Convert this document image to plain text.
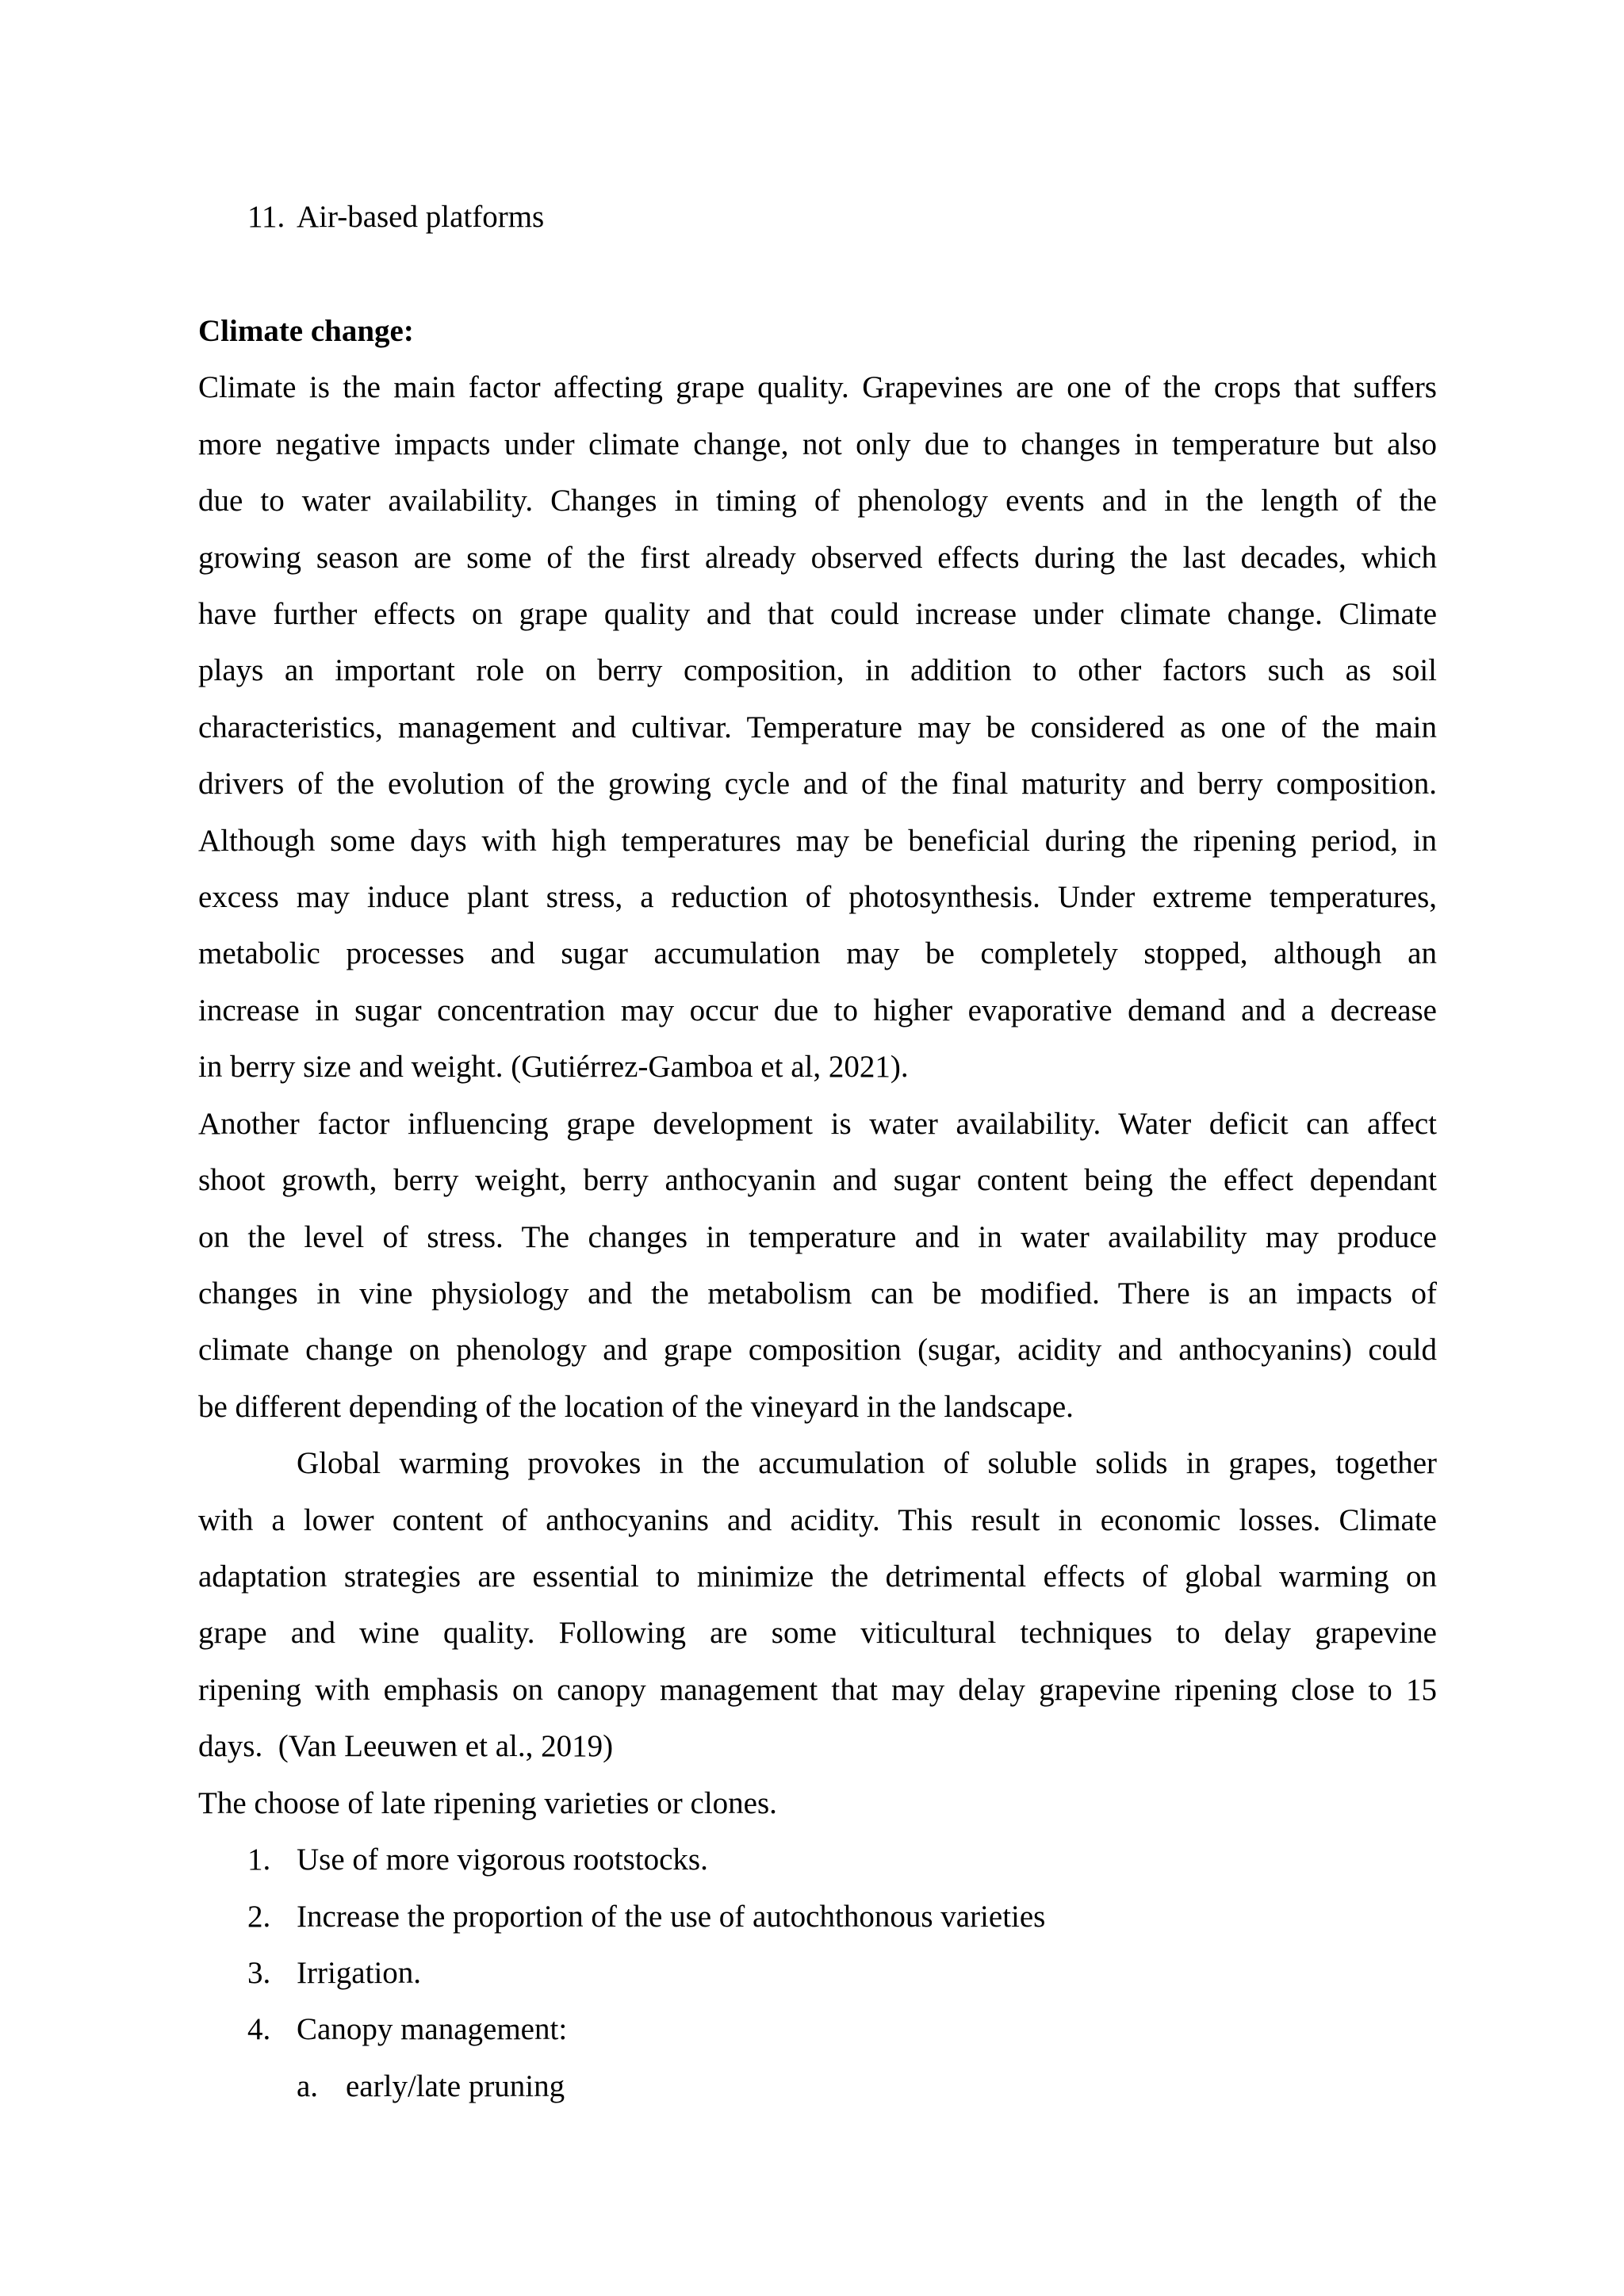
11. Air-based platforms
Climate change:
Climate is the main factor affecting grape quality. Grapevines are one of the crops that suffers
more negative impacts under climate change, not only due to changes in temperature but also
due to water availability. Changes in timing of phenology events and in the length of the
growing season are some of the first already observed effects during the last decades, which
have further effects on grape quality and that could increase under climate change. Climate
plays an important role on berry composition, in addition to other factors such as soil
characteristics, management and cultivar. Temperature may be considered as one of the main
drivers of the evolution of the growing cycle and of the final maturity and berry composition.
Although some days with high temperatures may be beneficial during the ripening period, in
excess may induce plant stress, a reduction of photosynthesis. Under extreme temperatures,
metabolic processes and sugar accumulation may be completely stopped, although an
increase in sugar concentration may occur due to higher evaporative demand and a decrease
in berry size and weight. (Gutiérrez-Gamboa et al, 2021).
Another factor influencing grape development is water availability. Water deficit can affect
shoot growth, berry weight, berry anthocyanin and sugar content being the effect dependant
on the level of stress. The changes in temperature and in water availability may produce
changes in vine physiology and the metabolism can be modified. There is an impacts of
climate change on phenology and grape composition (sugar, acidity and anthocyanins) could
be different depending of the location of the vineyard in the landscape.
Global warming provokes in the accumulation of soluble solids in grapes, together
with a lower content of anthocyanins and acidity. This result in economic losses. Climate
adaptation strategies are essential to minimize the detrimental effects of global warming on
grape and wine quality. Following are some viticultural techniques to delay grapevine
ripening with emphasis on canopy management that may delay grapevine ripening close to 15
days.  (Van Leeuwen et al., 2019)
The choose of late ripening varieties or clones.
1. Use of more vigorous rootstocks.
2. Increase the proportion of the use of autochthonous varieties
3. Irrigation.
4. Canopy management:
a. early/late pruning
